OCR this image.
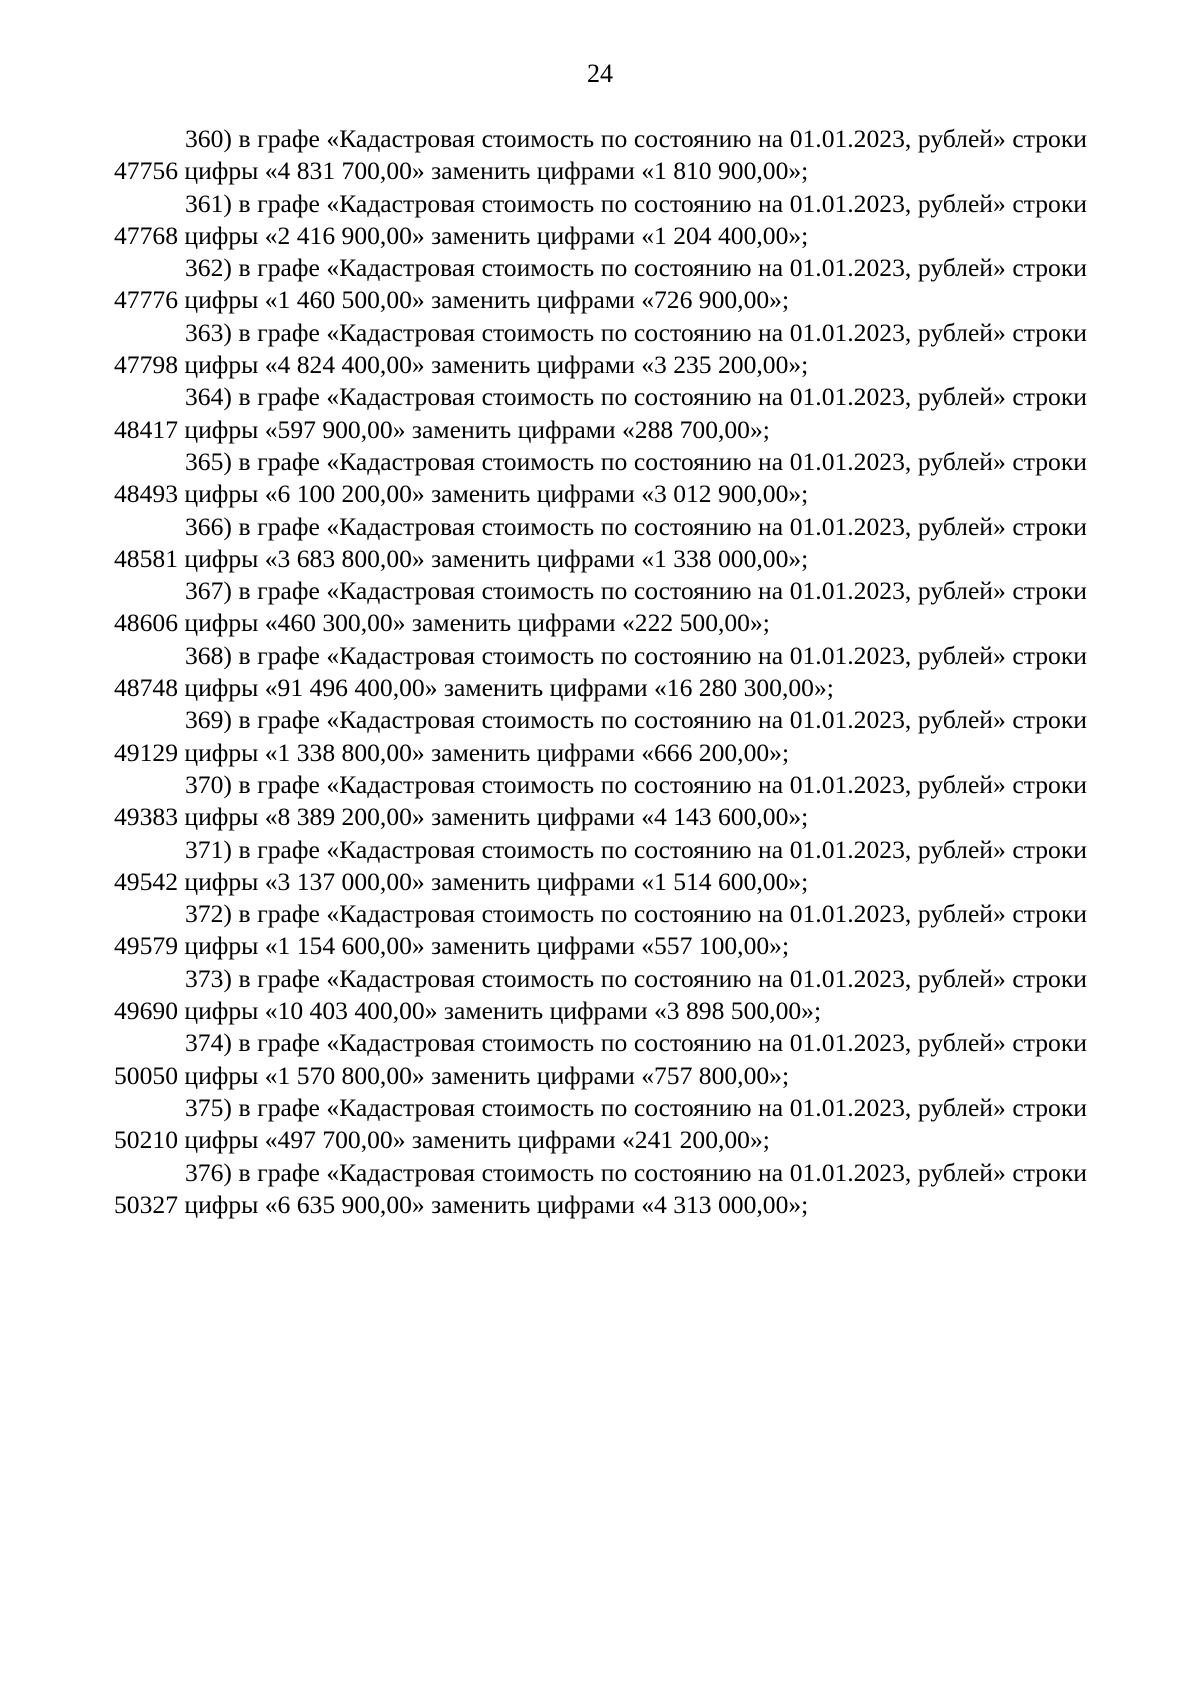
24

360) в графе «Кадастровая стоимость по состоянию на 01.01.2023, рублей» строки 47756 цифры «4 831 700,00» заменить цифрами «1 810 900,00»;

361) в графе «Кадастровая стоимость по состоянию на 01.01.2023, рублей» строки 47768 цифры «2 416 900,00» заменить цифрами «1 204 400,00»;

362) в графе «Кадастровая стоимость по состоянию на 01.01.2023, рублей» строки 47776 цифры «1 460 500,00» заменить цифрами «726 900,00»;

363) в графе «Кадастровая стоимость по состоянию на 01.01.2023, рублей» строки 47798 цифры «4 824 400,00» заменить цифрами «3 235 200,00»;

364) в графе «Кадастровая стоимость по состоянию на 01.01.2023, рублей» строки 48417 цифры «597 900,00» заменить цифрами «288 700,00»;

365) в графе «Кадастровая стоимость по состоянию на 01.01.2023, рублей» строки 48493 цифры «6 100 200,00» заменить цифрами «3 012 900,00»;

366) в графе «Кадастровая стоимость по состоянию на 01.01.2023, рублей» строки 48581 цифры «3 683 800,00» заменить цифрами «1 338 000,00»;

367) в графе «Кадастровая стоимость по состоянию на 01.01.2023, рублей» строки 48606 цифры «460 300,00» заменить цифрами «222 500,00»;

368) в графе «Кадастровая стоимость по состоянию на 01.01.2023, рублей» строки 48748 цифры «91 496 400,00» заменить цифрами «16 280 300,00»;

369) в графе «Кадастровая стоимость по состоянию на 01.01.2023, рублей» строки 49129 цифры «1 338 800,00» заменить цифрами «666 200,00»;

370) в графе «Кадастровая стоимость по состоянию на 01.01.2023, рублей» строки 49383 цифры «8 389 200,00» заменить цифрами «4 143 600,00»;

371) в графе «Кадастровая стоимость по состоянию на 01.01.2023, рублей» строки 49542 цифры «3 137 000,00» заменить цифрами «1 514 600,00»;

372) в графе «Кадастровая стоимость по состоянию на 01.01.2023, рублей» строки 49579 цифры «1 154 600,00» заменить цифрами «557 100,00»;

373) в графе «Кадастровая стоимость по состоянию на 01.01.2023, рублей» строки 49690 цифры «10 403 400,00» заменить цифрами «3 898 500,00»;

374) в графе «Кадастровая стоимость по состоянию на 01.01.2023, рублей» строки 50050 цифры «1 570 800,00» заменить цифрами «757 800,00»;

375) в графе «Кадастровая стоимость по состоянию на 01.01.2023, рублей» строки 50210 цифры «497 700,00» заменить цифрами «241 200,00»;

376) в графе «Кадастровая стоимость по состоянию на 01.01.2023, рублей» строки 50327 цифры «6 635 900,00» заменить цифрами «4 313 000,00»;
